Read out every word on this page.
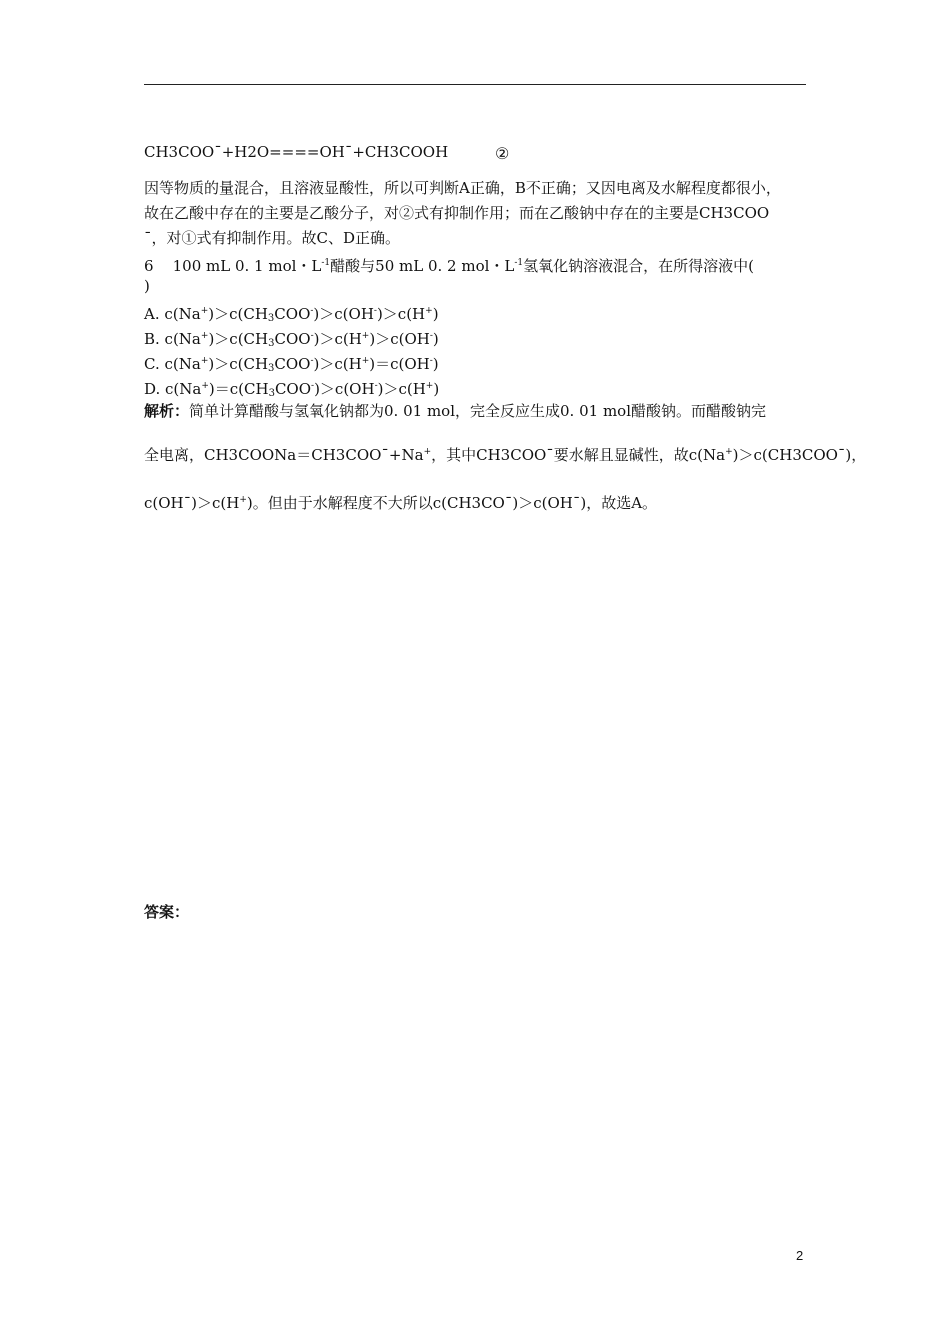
CH3COO¯+H2O====OH¯+CH3COOH	②
因等物质的量混合，且溶液显酸性，所以可判断A正确，B不正确；又因电离及水解程度都很小，
故在乙酸中存在的主要是乙酸分子，对②式有抑制作用；而在乙酸钠中存在的主要是CH3COO
¯，对①式有抑制作用。故C、D正确。
6 100 mL 0. 1 mol・$L^{-1}$醋酸与50 mL 0. 2 mol・$L^{-1}$氢氧化钠溶液混合，在所得溶液中(
)
A. $c(Na^+)>c(CH_3COO^-)>c(OH^-)>c(H^+)$
B. $c(Na^+)>c(CH_3COO^-)>c(H^+)>c(OH^-)$
C. $c(Na^+)>c(CH_3COO^-)>c(H^+)=c(OH^-)$
D. $c(Na^+)=c(CH_3COO^-)>c(OH^-)>c(H^+)$
解析：简单计算醋酸与氢氧化钠都为0. 01 mol，完全反应生成0. 01 mol醋酸钠。而醋酸钠完
全电离，CH3COONa＝CH3COO¯+Na+，其中CH3COO¯要水解且显碱性，故c(Na+)＞c(CH3COO¯)，
c(OH¯)＞c(H+)。但由于水解程度不大所以c(CH3CO¯)＞c(OH¯)，故选A。
答案：
2
